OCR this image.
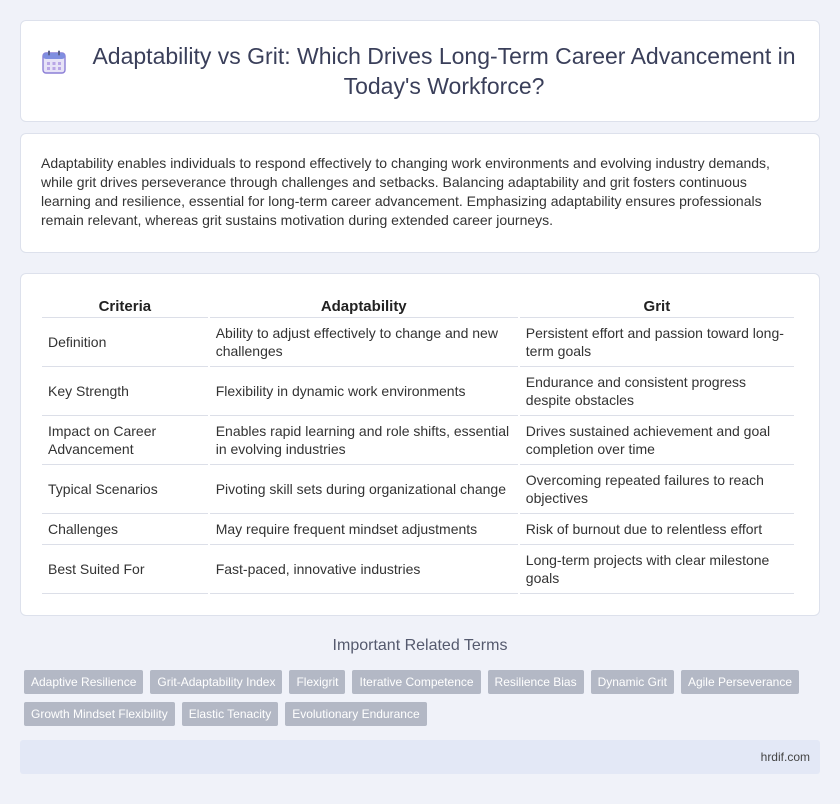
Adaptability vs Grit: Which Drives Long-Term Career Advancement in Today's Workforce?

Adaptability enables individuals to respond effectively to changing work environments and evolving industry demands, while grit drives perseverance through challenges and setbacks. Balancing adaptability and grit fosters continuous learning and resilience, essential for long-term career advancement. Emphasizing adaptability ensures professionals remain relevant, whereas grit sustains motivation during extended career journeys.

Criteria	Adaptability	Grit
Definition	Ability to adjust effectively to change and new challenges	Persistent effort and passion toward long-term goals
Key Strength	Flexibility in dynamic work environments	Endurance and consistent progress despite obstacles
Impact on Career Advancement	Enables rapid learning and role shifts, essential in evolving industries	Drives sustained achievement and goal completion over time
Typical Scenarios	Pivoting skill sets during organizational change	Overcoming repeated failures to reach objectives
Challenges	May require frequent mindset adjustments	Risk of burnout due to relentless effort
Best Suited For	Fast-paced, innovative industries	Long-term projects with clear milestone goals
Important Related Terms
Adaptive Resilience	Grit-Adaptability Index	Flexigrit	Iterative Competence	Resilience Bias	Dynamic Grit	Agile Perseverance
Growth Mindset Flexibility	Elastic Tenacity	Evolutionary Endurance
hrdif.com
